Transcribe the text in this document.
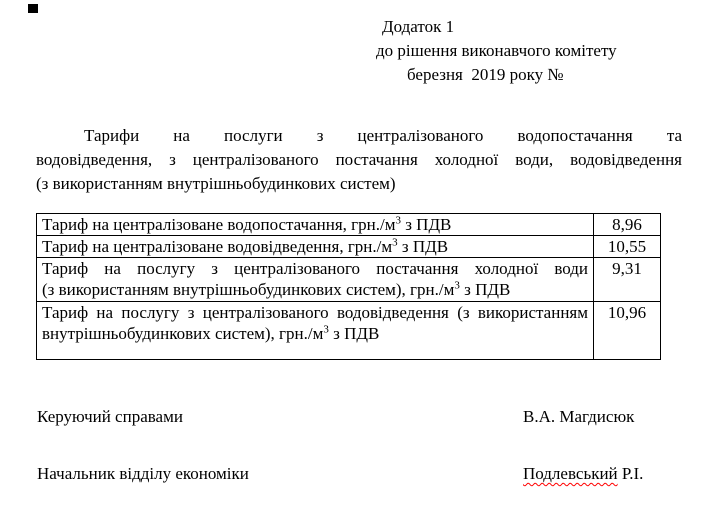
Додаток 1
до рішення виконавчого комітету
березня  2019 року №
Тарифи на послуги з централізованого водопостачання та
водовідведення, з централізованого постачання холодної води, водовідведення
(з використанням внутрішньобудинкових систем)
Тариф на централізоване водопостачання, $грн./м^3$ з ПДВ	8,96
Тариф на централізоване водовідведення, $грн./м^3$ з ПДВ	10,55

Тариф на послугу з централізованого постачання холодної води
(з використанням внутрішньобудинкових систем), $грн./м^3$ з ПДВ	9,31

Тариф на послугу з централізованого водовідведення (з використанням
внутрішньобудинкових систем), $грн./м^3$ з ПДВ	10,96
Керуючий справами	В.А. Магдисюк
Начальник відділу економіки	Подлевський Р.І.
